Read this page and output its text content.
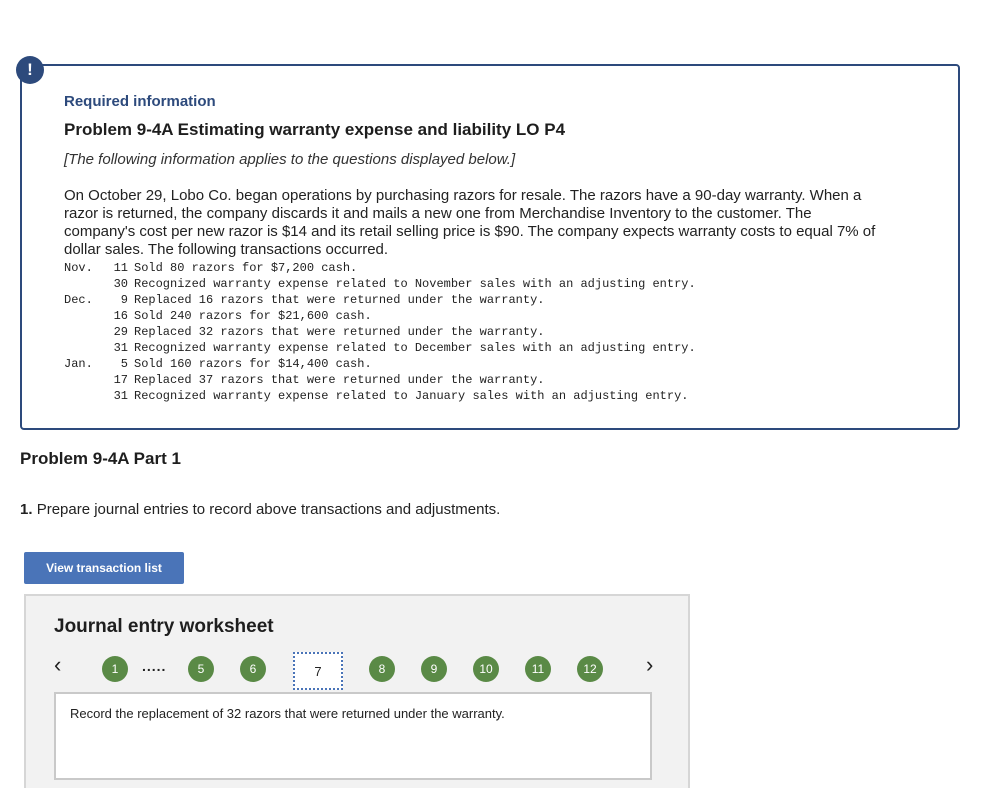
!
Required information
Problem 9-4A Estimating warranty expense and liability LO P4
[The following information applies to the questions displayed below.]
On October 29, Lobo Co. began operations by purchasing razors for resale. The razors have a 90-day warranty. When a
razor is returned, the company discards it and mails a new one from Merchandise Inventory to the customer. The
company's cost per new razor is $14 and its retail selling price is $90. The company expects warranty costs to equal 7% of
dollar sales. The following transactions occurred.
Nov.	11 Sold 80 razors for $7,200 cash.
30 Recognized warranty expense related to November sales with an adjusting entry.
Dec.	9 Replaced 16 razors that were returned under the warranty.
16 Sold 240 razors for $21,600 cash.
29 Replaced 32 razors that were returned under the warranty.
31 Recognized warranty expense related to December sales with an adjusting entry.
Jan.	5 Sold 160 razors for $14,400 cash.
17 Replaced 37 razors that were returned under the warranty.
31 Recognized warranty expense related to January sales with an adjusting entry.
Problem 9-4A Part 1
1. Prepare journal entries to record above transactions and adjustments.
View transaction list
Journal entry worksheet
‹	1	.....	5	6	7	8	9	10	11	12 ›
Record the replacement of 32 razors that were returned under the warranty.
